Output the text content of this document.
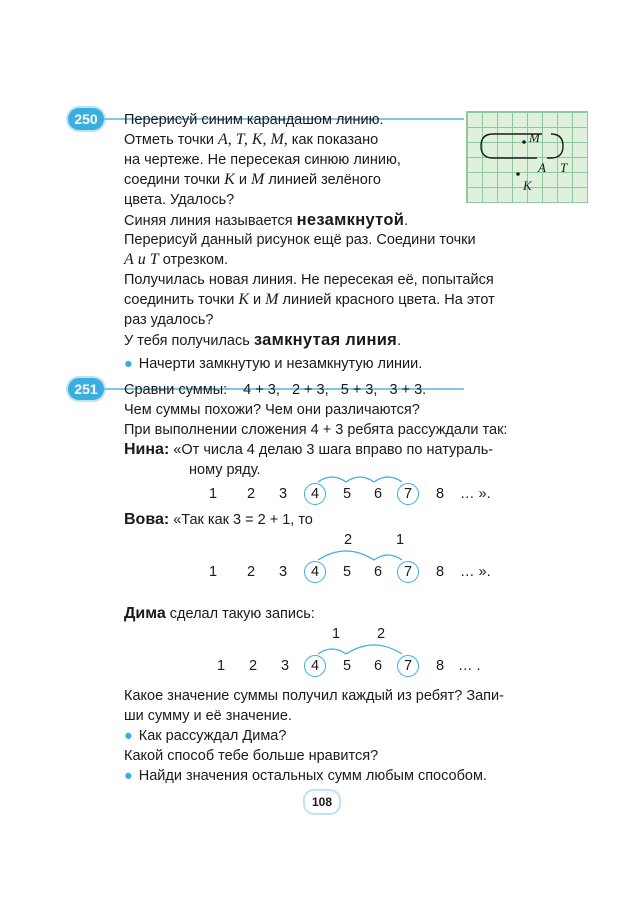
250	Перерисуй синим карандашом линию.
Отметь точки А, Т, К, М, как показано
на чертеже. Не пересекая синюю линию,
соедини точки К и М линией зелёного
цвета. Удалось?
Синяя линия называется незамкнутой.
Перерисуй данный рисунок ещё раз. Соедини точки
А и Т отрезком.
Получилась новая линия. Не пересекая её, попытайся
соединить точки К и М линией красного цвета. На этот
раз удалось?
У тебя получилась замкнутая линия.
● Начерти замкнутую и незамкнутую линии.
М
А Т
К
251	Сравни суммы: 4 + 3,   2 + 3,   5 + 3,   3 + 3.
Чем суммы похожи? Чем они различаются?
При выполнении сложения 4 + 3 ребята рассуждали так:
Нина: «От числа 4 делаю 3 шага вправо по натураль-
ному ряду.
1 2 3 4 5 6 7 8 … ».
Вова: «Так как 3 = 2 + 1, то
2	1
1 2 3 4 5 6 7 8 … ».
Дима сделал такую запись:
1	2
1 2 3 4 5 6 7 8 … .
Какое значение суммы получил каждый из ребят? Запи-
ши сумму и её значение.
● Как рассуждал Дима?
Какой способ тебе больше нравится?
● Найди значения остальных сумм любым способом.
108
